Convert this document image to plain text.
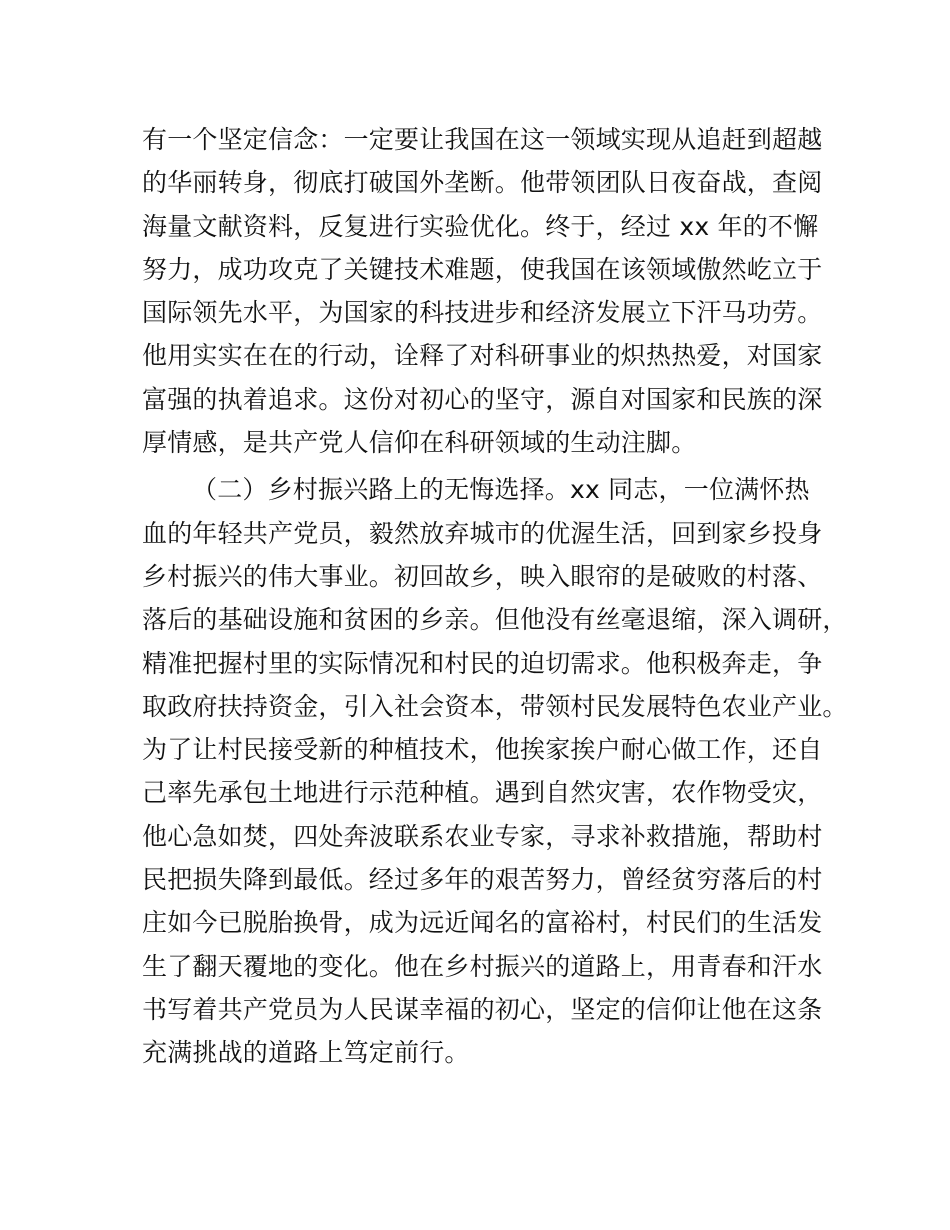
有一个坚定信念：一定要让我国在这一领域实现从追赶到超越
的华丽转身，彻底打破国外垄断。他带领团队日夜奋战，查阅
海量文献资料，反复进行实验优化。终于，经过 xx 年的不懈
努力，成功攻克了关键技术难题，使我国在该领域傲然屹立于
国际领先水平，为国家的科技进步和经济发展立下汗马功劳。
他用实实在在的行动，诠释了对科研事业的炽热热爱，对国家
富强的执着追求。这份对初心的坚守，源自对国家和民族的深
厚情感，是共产党人信仰在科研领域的生动注脚。
（二）乡村振兴路上的无悔选择。xx 同志，一位满怀热
血的年轻共产党员，毅然放弃城市的优渥生活，回到家乡投身
乡村振兴的伟大事业。初回故乡，映入眼帘的是破败的村落、
落后的基础设施和贫困的乡亲。但他没有丝毫退缩，深入调研，
精准把握村里的实际情况和村民的迫切需求。他积极奔走，争
取政府扶持资金，引入社会资本，带领村民发展特色农业产业。
为了让村民接受新的种植技术，他挨家挨户耐心做工作，还自
己率先承包土地进行示范种植。遇到自然灾害，农作物受灾，
他心急如焚，四处奔波联系农业专家，寻求补救措施，帮助村
民把损失降到最低。经过多年的艰苦努力，曾经贫穷落后的村
庄如今已脱胎换骨，成为远近闻名的富裕村，村民们的生活发
生了翻天覆地的变化。他在乡村振兴的道路上，用青春和汗水
书写着共产党员为人民谋幸福的初心，坚定的信仰让他在这条
充满挑战的道路上笃定前行。
